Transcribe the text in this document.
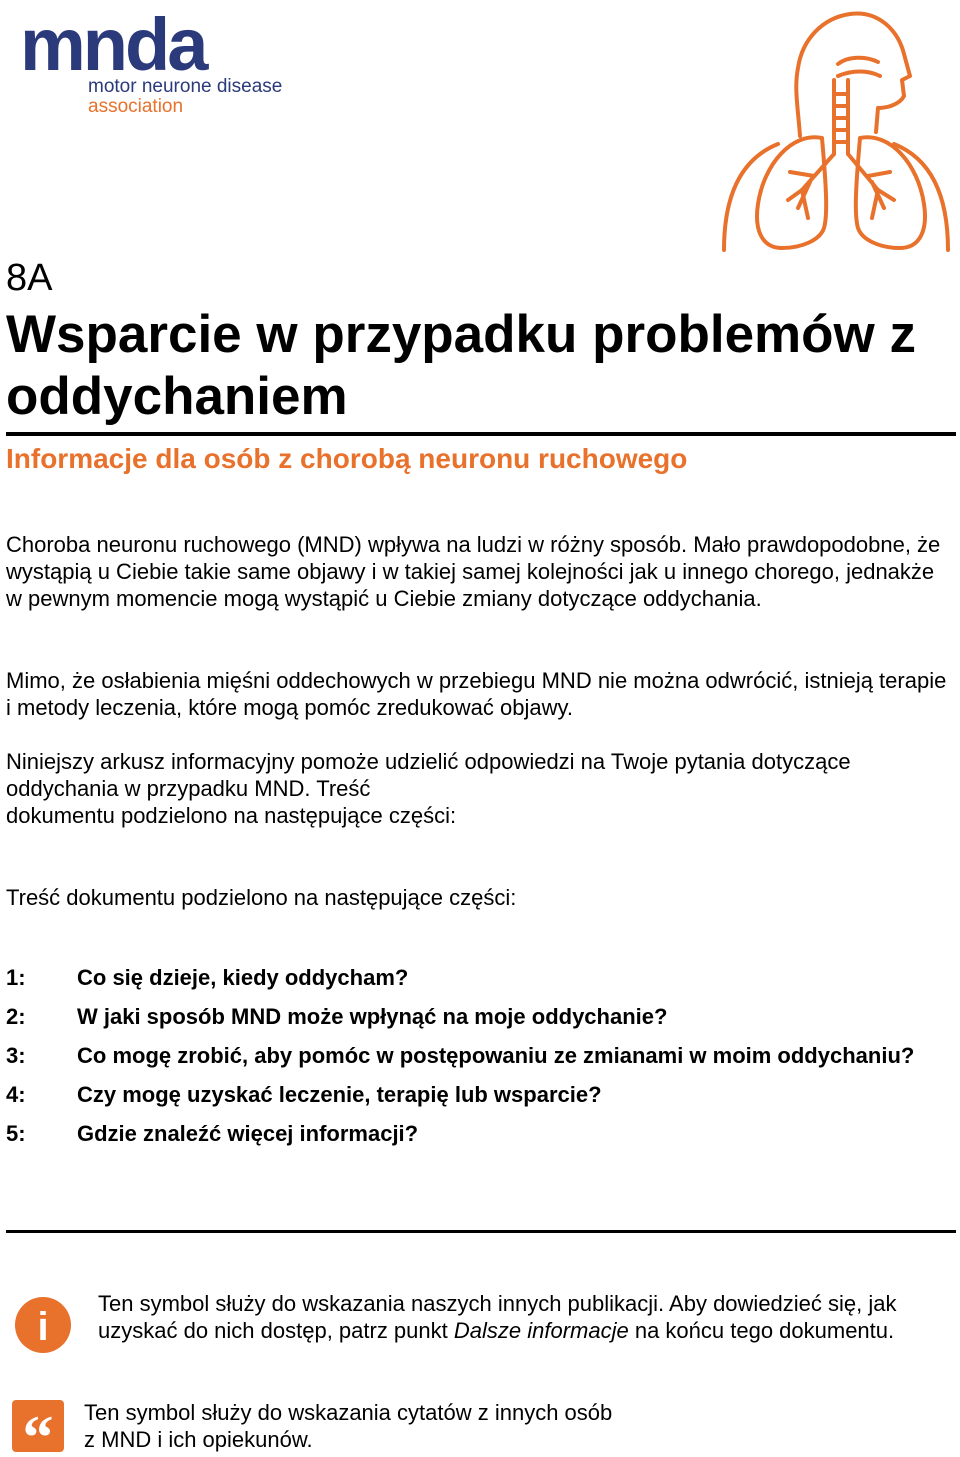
mnda
motor neurone disease
association
8A
Wsparcie w przypadku problemów z oddychaniem
Informacje dla osób z chorobą neuronu ruchowego

Choroba neuronu ruchowego (MND) wpływa na ludzi w różny sposób. Mało prawdopodobne, że wystąpią u Ciebie takie same objawy i w takiej samej kolejności jak u innego chorego, jednakże w pewnym momencie mogą wystąpić u Ciebie zmiany dotyczące oddychania.

Mimo, że osłabienia mięśni oddechowych w przebiegu MND nie można odwrócić, istnieją terapie i metody leczenia, które mogą pomóc zredukować objawy.

Niniejszy arkusz informacyjny pomoże udzielić odpowiedzi na Twoje pytania dotyczące oddychania w przypadku MND. Treść
dokumentu podzielono na następujące części:

Treść dokumentu podzielono na następujące części:

1:	Co się dzieje, kiedy oddycham?
2:	W jaki sposób MND może wpłynąć na moje oddychanie?
3:	Co mogę zrobić, aby pomóc w postępowaniu ze zmianami w moim oddychaniu?
4:	Czy mogę uzyskać leczenie, terapię lub wsparcie?
5:	Gdzie znaleźć więcej informacji?
i

Ten symbol służy do wskazania naszych innych publikacji. Aby dowiedzieć się, jak uzyskać do nich dostęp, patrz punkt Dalsze informacje na końcu tego dokumentu.

“ Ten symbol służy do wskazania cytatów z innych osób
z MND i ich opiekunów.
